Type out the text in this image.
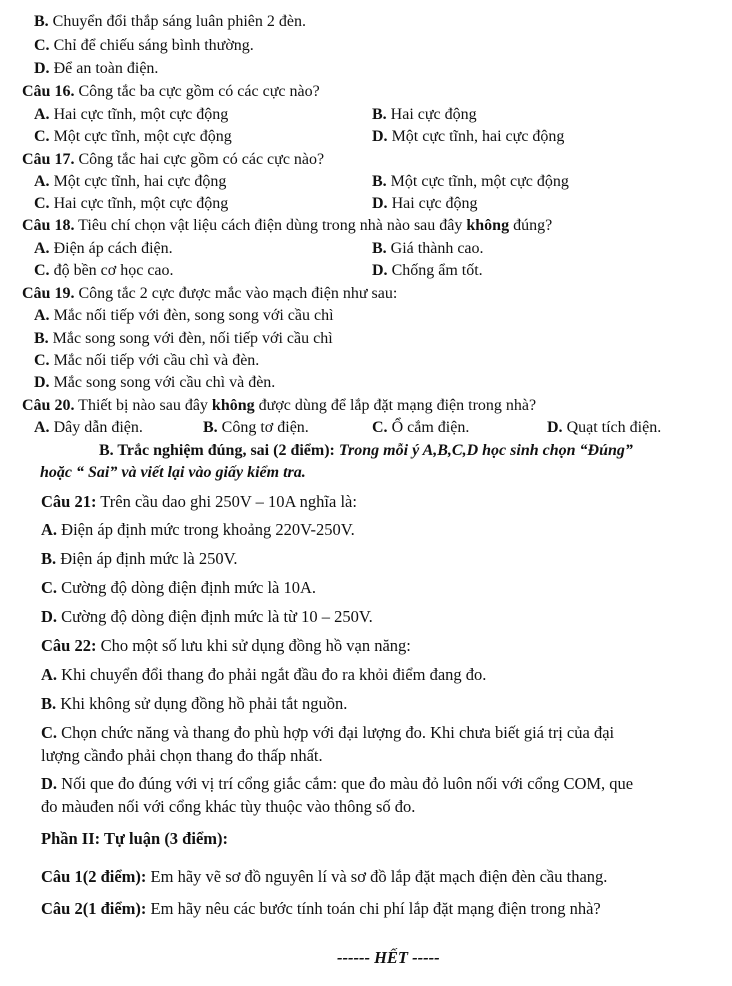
B. Chuyển đổi thắp sáng luân phiên 2 đèn.
C. Chỉ để chiếu sáng bình thường.
D. Để an toàn điện.
Câu 16. Công tắc ba cực gồm có các cực nào?
A. Hai cực tĩnh, một cực động	B. Hai cực động
C. Một cực tĩnh, một cực động	D. Một cực tĩnh, hai cực động
Câu 17. Công tắc hai cực gồm có các cực nào?
A. Một cực tĩnh, hai cực động	B. Một cực tĩnh, một cực động
C. Hai cực tĩnh, một cực động	D. Hai cực động
Câu 18. Tiêu chí chọn vật liệu cách điện dùng trong nhà nào sau đây không đúng?
A. Điện áp cách điện.	B. Giá thành cao.
C. độ bền cơ học cao.	D. Chống ẩm tốt.
Câu 19. Công tắc 2 cực được mắc vào mạch điện như sau:
A. Mắc nối tiếp với đèn, song song với cầu chì
B. Mắc song song với đèn, nối tiếp với cầu chì
C. Mắc nối tiếp với cầu chì và đèn.
D. Mắc song song với cầu chì và đèn.
Câu 20. Thiết bị nào sau đây không được dùng để lắp đặt mạng điện trong nhà?
A. Dây dẫn điện.	B. Công tơ điện.	C. Ổ cắm điện.	D. Quạt tích điện.
B. Trắc nghiệm đúng, sai (2 điểm): Trong mỗi ý A,B,C,D học sinh chọn “Đúng”
hoặc “ Sai” và viết lại vào giấy kiểm tra.
Câu 21: Trên cầu dao ghi 250V – 10A nghĩa là:
A. Điện áp định mức trong khoảng 220V-250V.
B. Điện áp định mức là 250V.
C. Cường độ dòng điện định mức là 10A.
D. Cường độ dòng điện định mức là từ 10 – 250V.
Câu 22: Cho một số lưu khi sử dụng đồng hồ vạn năng:
A. Khi chuyển đổi thang đo phải ngắt đầu đo ra khỏi điểm đang đo.
B. Khi không sử dụng đồng hồ phải tắt nguồn.
C. Chọn chức năng và thang đo phù hợp với đại lượng đo. Khi chưa biết giá trị của đại
lượng cầnđo phải chọn thang đo thấp nhất.
D. Nối que đo đúng với vị trí cổng giắc cắm: que đo màu đỏ luôn nối với cổng COM, que
đo màuđen nối với cổng khác tùy thuộc vào thông số đo.
Phần II: Tự luận (3 điểm):
Câu 1(2 điểm): Em hãy vẽ sơ đồ nguyên lí và sơ đồ lắp đặt mạch điện đèn cầu thang.
Câu 2(1 điểm): Em hãy nêu các bước tính toán chi phí lắp đặt mạng điện trong nhà?
------ HẾT -----
